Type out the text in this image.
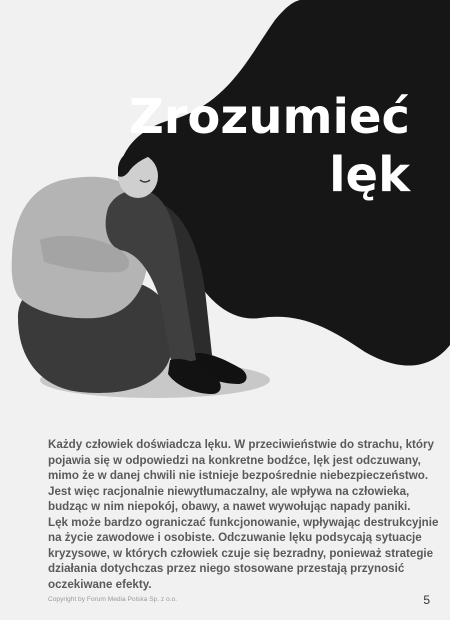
Zrozumieć
lęk
Każdy człowiek doświadcza lęku. W przeciwieństwie do strachu, który
pojawia się w odpowiedzi na konkretne bodźce, lęk jest odczuwany,
mimo że w danej chwili nie istnieje bezpośrednie niebezpieczeństwo.
Jest więc racjonalnie niewytłumaczalny, ale wpływa na człowieka,
budząc w nim niepokój, obawy, a nawet wywołując napady paniki.
Lęk może bardzo ograniczać funkcjonowanie, wpływając destrukcyjnie
na życie zawodowe i osobiste. Odczuwanie lęku podsycają sytuacje
kryzysowe, w których człowiek czuje się bezradny, ponieważ strategie
działania dotychczas przez niego stosowane przestają przynosić
oczekiwane efekty.
Copyright by Forum Media Polska Sp. z o.o.	5
